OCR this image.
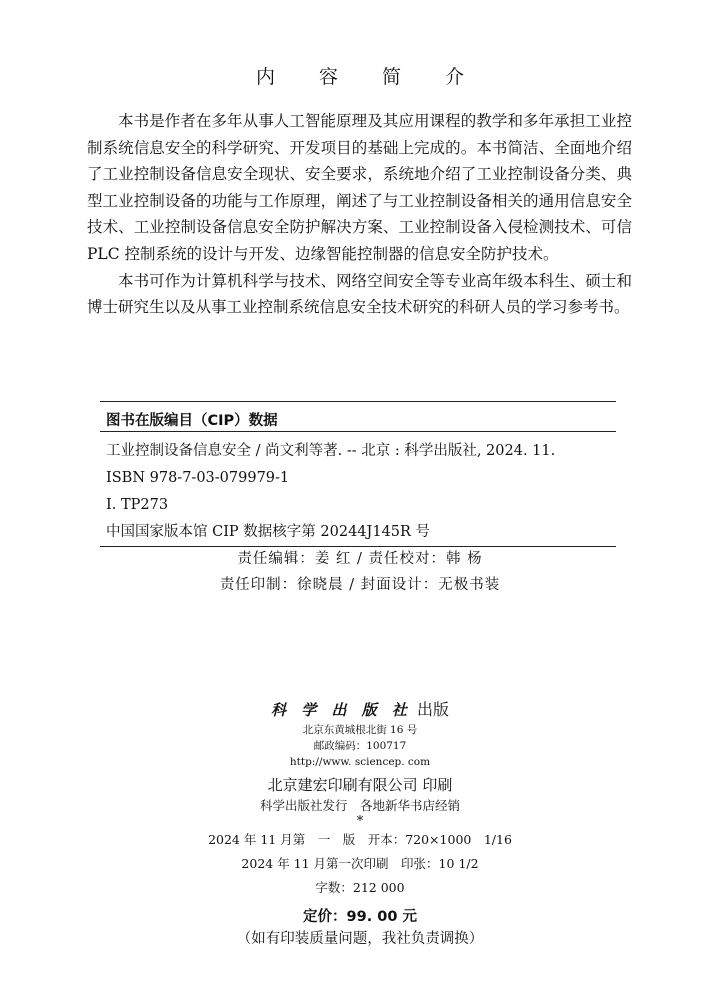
内 容 简 介

本书是作者在多年从事人工智能原理及其应用课程的教学和多年承担工业控制系统信息安全的科学研究、开发项目的基础上完成的。本书简洁、全面地介绍了工业控制设备信息安全现状、安全要求，系统地介绍了工业控制设备分类、典型工业控制设备的功能与工作原理，阐述了与工业控制设备相关的通用信息安全技术、工业控制设备信息安全防护解决方案、工业控制设备入侵检测技术、可信 PLC 控制系统的设计与开发、边缘智能控制器的信息安全防护技术。

本书可作为计算机科学与技术、网络空间安全等专业高年级本科生、硕士和博士研究生以及从事工业控制系统信息安全技术研究的科研人员的学习参考书。

图书在版编目（CIP）数据
工业控制设备信息安全 / 尚文利等著. -- 北京 : 科学出版社, 2024. 11.
ISBN 978-7-03-079979-1
Ⅰ. TP273
中国国家版本馆 CIP 数据核字第 20244J145R 号
责任编辑：姜 红 / 责任校对：韩 杨
责任印制：徐晓晨 / 封面设计：无极书装
科 学 出 版 社 出版
北京东黄城根北街 16 号
邮政编码：100717
http://www. sciencep. com
北京建宏印刷有限公司 印刷
科学出版社发行　各地新华书店经销
*
2024 年 11 月第　一　版　开本：720×1000　1/16
2024 年 11 月第一次印刷　印张：10 1/2
字数：212 000
定价：99. 00 元
（如有印装质量问题，我社负责调换）
